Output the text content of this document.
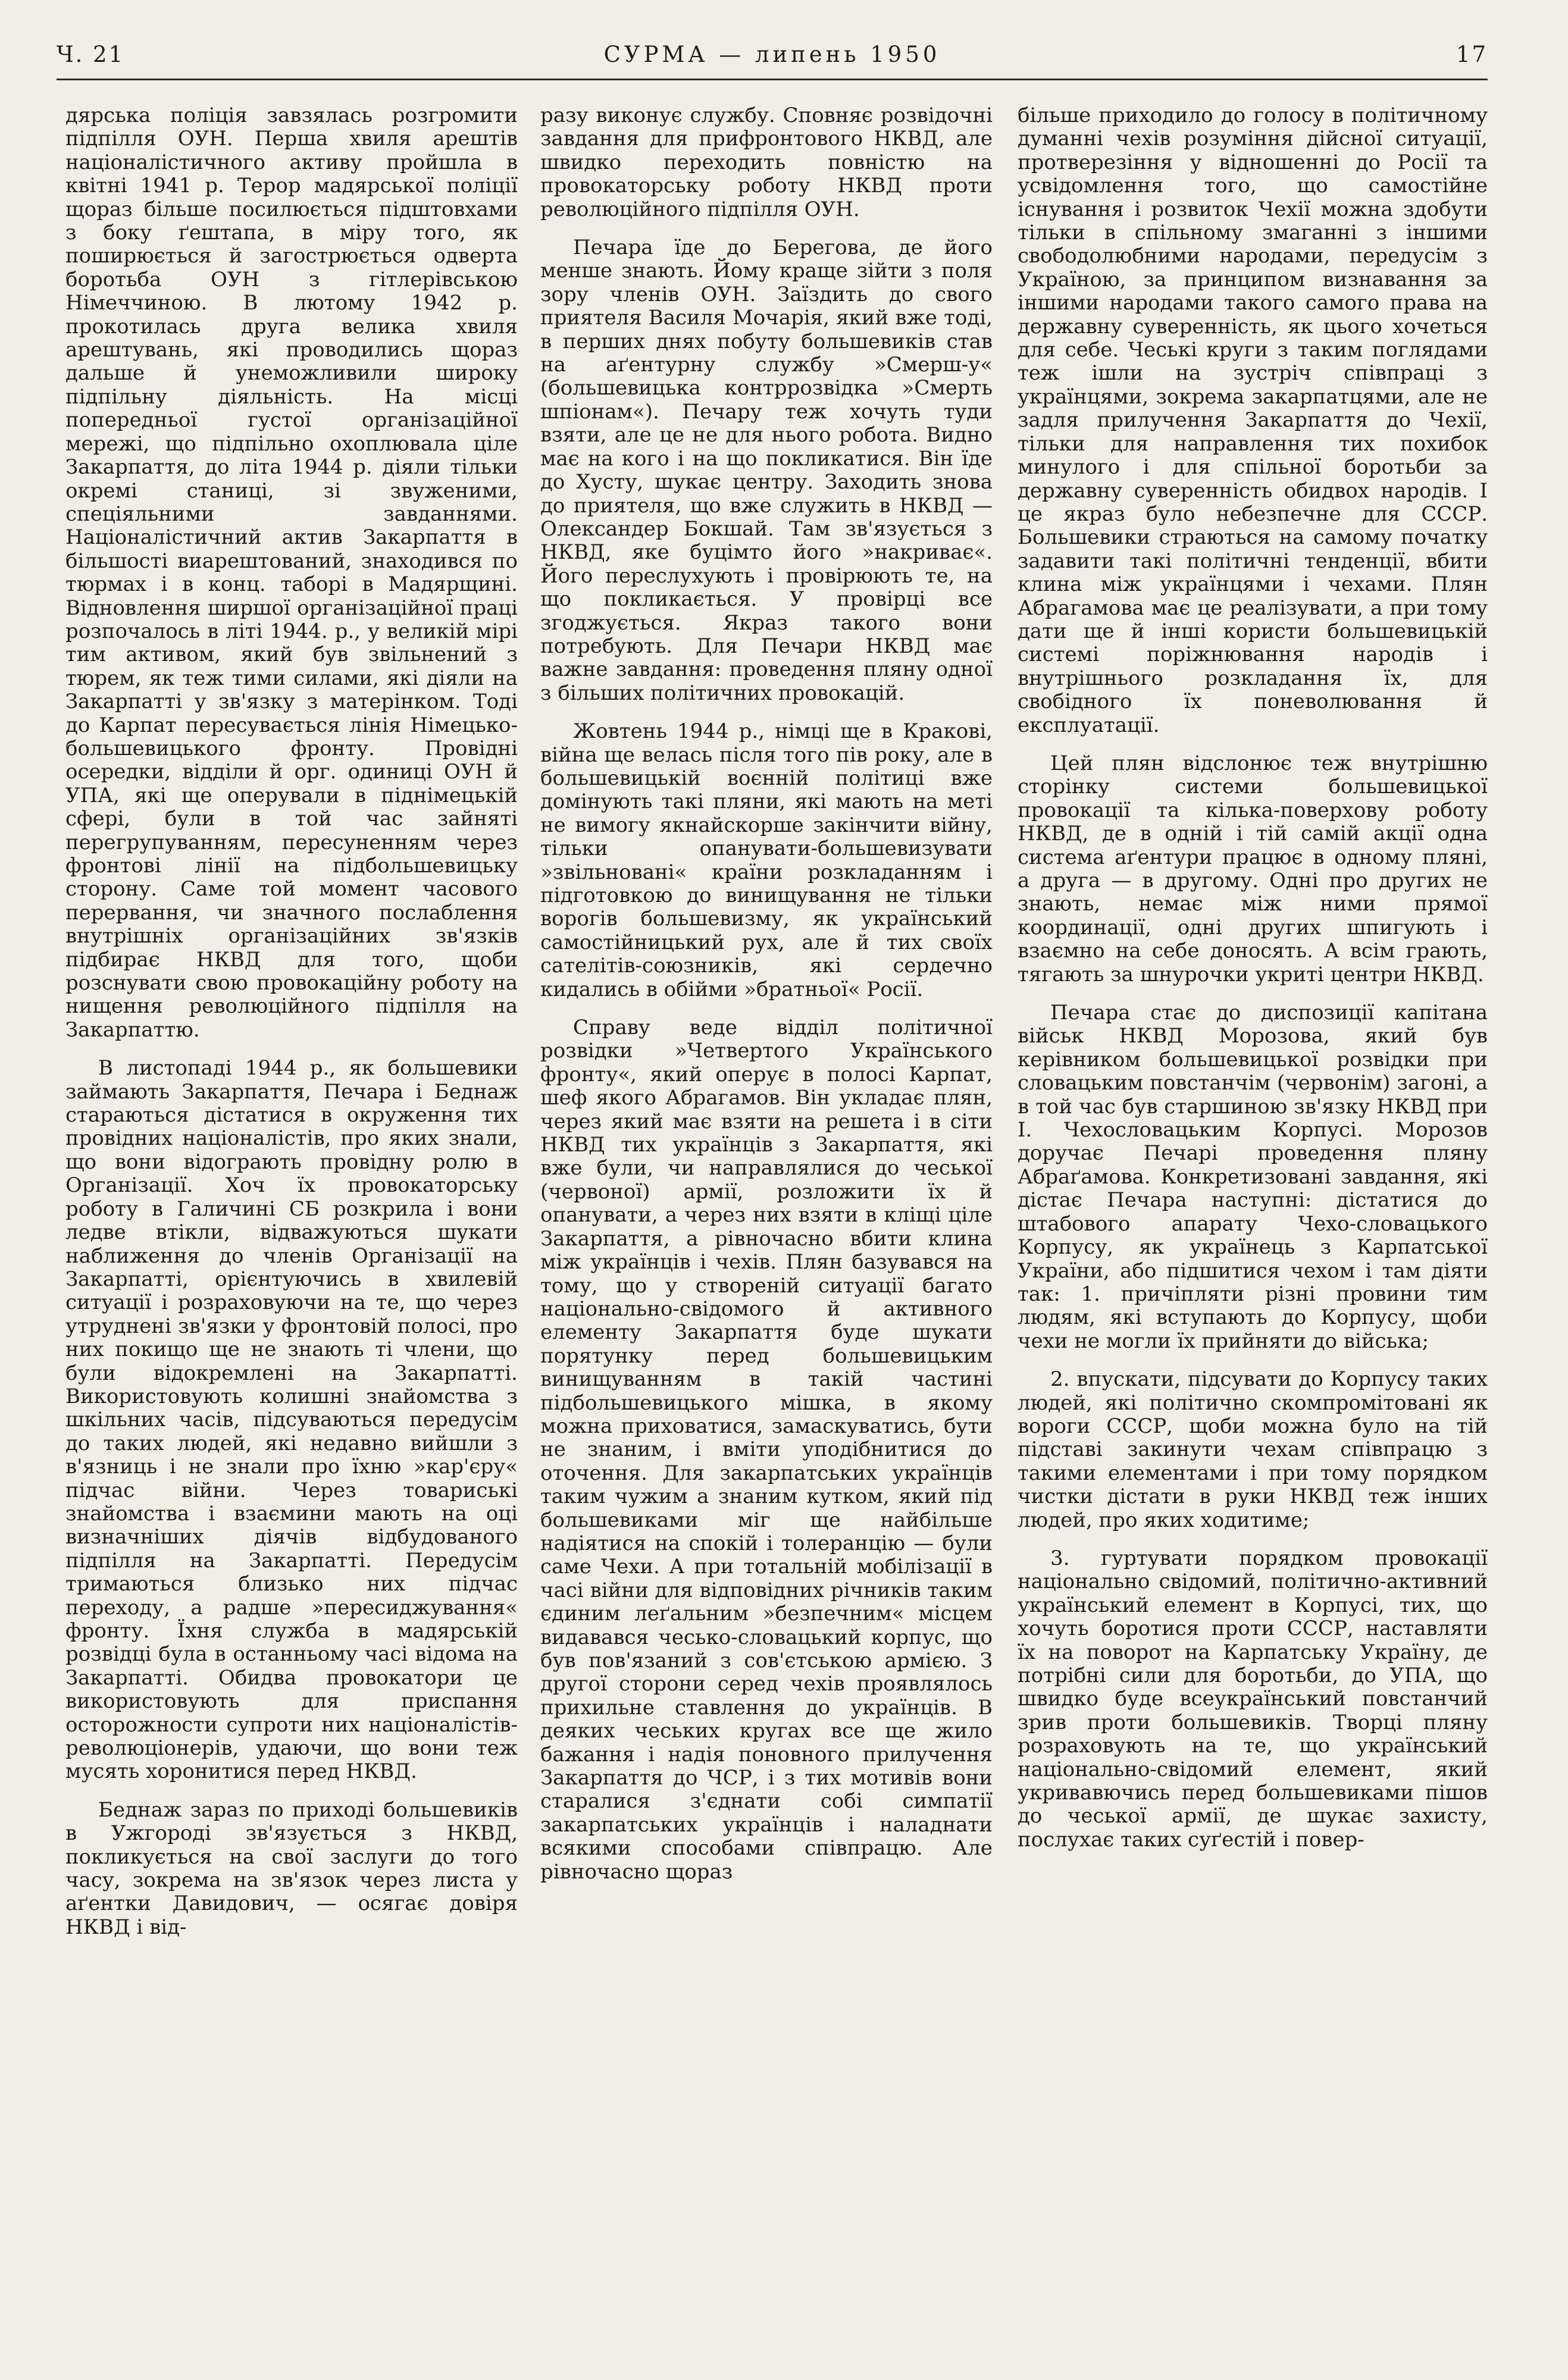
Ч. 21	СУРМА — липень 1950	17

дярська поліція завзялась розгромити підпілля ОУН. Перша хвиля арештів націоналістичного активу пройшла в квітні 1941 р. Терор мадярської поліції щораз більше посилюється підштовхами з боку ґештапа, в міру того, як поширюється й загострюється одверта боротьба ОУН з гітлерівською Німеччиною. В лютому 1942 р. прокотилась друга велика хвиля арештувань, які проводились щораз дальше й унеможливили широку підпільну діяльність. На місці попередньої густої організаційної мережі, що підпільно охоплювала ціле Закарпаття, до літа 1944 р. діяли тільки окремі станиці, зі звуженими, спеціяльними завданнями. Націоналістичний актив Закарпаття в більшості виарештований, знаходився по тюрмах і в конц. таборі в Мадярщині. Відновлення ширшої організаційної праці розпочалось в літі 1944. р., у великій мірі тим активом, який був звільнений з тюрем, як теж тими силами, які діяли на Закарпатті у зв'язку з матерінком. Тоді до Карпат пересувається лінія Німецько-большевицького фронту. Провідні осередки, відділи й орг. одиниці ОУН й УПА, які ще оперували в піднімецькій сфері, були в той час зайняті перегрупуванням, пересуненням через фронтові лінії на підбольшевицьку сторону. Саме той момент часового перервання, чи значного послаблення внутрішніх організаційних зв'язків підбирає НКВД для того, щоби розснувати свою провокаційну роботу на нищення революційного підпілля на Закарпаттю.

В листопаді 1944 р., як большевики займають Закарпаття, Печара і Беднаж стараються дістатися в окруження тих провідних націоналістів, про яких знали, що вони відограють провідну ролю в Організації. Хоч їх провокаторську роботу в Галичині СБ розкрила і вони ледве втікли, відважуються шукати наближення до членів Організації на Закарпатті, орієнтуючись в хвилевій ситуації і розраховуючи на те, що через утруднені зв'язки у фронтовій полосі, про них покищо ще не знають ті члени, що були відокремлені на Закарпатті. Використовують колишні знайомства з шкільних часів, підсуваються передусім до таких людей, які недавно вийшли з в'язниць і не знали про їхню »кар'єру« підчас війни. Через товариські знайомства і взаємини мають на оці визначніших діячів відбудованого підпілля на Закарпатті. Передусім тримаються близько них підчас переходу, а радше »пересиджування« фронту. Їхня служба в мадярській розвідці була в останньому часі відома на Закарпатті. Обидва провокатори це використовують для приспання осторожности супроти них націоналістів-революціонерів, удаючи, що вони теж мусять хоронитися перед НКВД.

Беднаж зараз по приході большевиків в Ужгороді зв'язується з НКВД, покликується на свої заслуги до того часу, зокрема на зв'язок через листа у аґентки Давидович, — осягає довіря НКВД і від-

разу виконує службу. Сповняє розвідочні завдання для прифронтового НКВД, але швидко переходить повністю на провокаторську роботу НКВД проти революційного підпілля ОУН.

Печара їде до Берегова, де його менше знають. Йому краще зійти з поля зору членів ОУН. Заїздить до свого приятеля Василя Мочарія, який вже тоді, в перших днях побуту большевиків став на аґентурну службу »Смерш-у« (большевицька контррозвідка »Смерть шпіонам«). Печару теж хочуть туди взяти, але це не для нього робота. Видно має на кого і на що покликатися. Він їде до Хусту, шукає центру. Заходить знова до приятеля, що вже служить в НКВД — Олександер Бокшай. Там зв'язується з НКВД, яке буцімто його »накриває«. Його переслухують і провірюють те, на що покликається. У провірці все згоджується. Якраз такого вони потребують. Для Печари НКВД має важне завдання: проведення пляну одної з більших політичних провокацій.

Жовтень 1944 р., німці ще в Кракові, війна ще велась після того пів року, але в большевицькій воєнній політиці вже домінують такі пляни, які мають на меті не вимогу якнайскорше закінчити війну, тільки опанувати-большевизувати »звільновані« країни розкладанням і підготовкою до винищування не тільки ворогів большевизму, як український самостійницький рух, але й тих своїх сателітів-союзників, які сердечно кидались в обійми »братньої« Росії.

Справу веде відділ політичної розвідки »Четвертого Українського фронту«, який оперує в полосі Карпат, шеф якого Абрагамов. Він укладає плян, через який має взяти на решета і в сіти НКВД тих українців з Закарпаття, які вже були, чи направлялися до чеської (червоної) армії, розложити їх й опанувати, а через них взяти в кліщі ціле Закарпаття, а рівночасно вбити клина між українців і чехів. Плян базувався на тому, що у створеній ситуації багато національно-свідомого й активного елементу Закарпаття буде шукати порятунку перед большевицьким винищуванням в такій частині підбольшевицького мішка, в якому можна приховатися, замаскуватись, бути не знаним, і вміти уподібнитися до оточення. Для закарпатських українців таким чужим а знаним кутком, який під большевиками міг ще найбільше надіятися на спокій і толеранцію — були саме Чехи. А при тотальній мобілізації в часі війни для відповідних річників таким єдиним леґальним »безпечним« місцем видавався чесько-словацький корпус, що був пов'язаний з сов'єтською армією. З другої сторони серед чехів проявлялось прихильне ставлення до українців. В деяких чеських кругах все ще жило бажання і надія поновного прилучення Закарпаття до ЧСР, і з тих мотивів вони старалися з'єднати собі симпатії закарпатських українців і наладнати всякими способами співпрацю. Але рівночасно щораз

більше приходило до голосу в політичному думанні чехів розуміння дійсної ситуації, протверезіння у відношенні до Росії та усвідомлення того, що самостійне існування і розвиток Чехії можна здобути тільки в спільному змаганні з іншими свободолюбними народами, передусім з Україною, за принципом визнавання за іншими народами такого самого права на державну суверенність, як цього хочеться для себе. Чеські круги з таким поглядами теж ішли на зустріч співпраці з українцями, зокрема закарпатцями, але не задля прилучення Закарпаття до Чехії, тільки для направлення тих похибок минулого і для спільної боротьби за державну суверенність обидвох народів. І це якраз було небезпечне для СССР. Большевики страються на самому початку задавити такі політичні тенденції, вбити клина між українцями і чехами. Плян Абрагамова має це реалізувати, а при тому дати ще й інші користи большевицькій системі поріжнювання народів і внутрішнього розкладання їх, для свобідного їх поневолювання й експлуатації.

Цей плян відслонює теж внутрішню сторінку системи большевицької провокації та кілька-поверхову роботу НКВД, де в одній і тій самій акції одна система аґентури працює в одному пляні, а друга — в другому. Одні про других не знають, немає між ними прямої координації, одні других шпигують і взаємно на себе доносять. А всім грають, тягають за шнурочки укриті центри НКВД.

Печара стає до диспозиції капітана військ НКВД Морозова, який був керівником большевицької розвідки при словацьким повстанчім (червонім) загоні, а в той час був старшиною зв'язку НКВД при І. Чехословацьким Корпусі. Морозов доручає Печарі проведення пляну Абраґамова. Конкретизовані завдання, які дістає Печара наступні: дістатися до штабового апарату Чехо-словацького Корпусу, як українець з Карпатської України, або підшитися чехом і там діяти так: 1. причіпляти різні провини тим людям, які вступають до Корпусу, щоби чехи не могли їх прийняти до війська;

2. впускати, підсувати до Корпусу таких людей, які політично скомпромітовані як вороги СССР, щоби можна було на тій підставі закинути чехам співпрацю з такими елементами і при тому порядком чистки дістати в руки НКВД теж інших людей, про яких ходитиме;

3. гуртувати порядком провокації національно свідомий, політично-активний український елемент в Корпусі, тих, що хочуть боротися проти СССР, наставляти їх на поворот на Карпатську Україну, де потрібні сили для боротьби, до УПА, що швидко буде всеукраїнський повстанчий зрив проти большевиків. Творці пляну розраховують на те, що український національно-свідомий елемент, який укривавючись перед большевиками пішов до чеської армії, де шукає захисту, послухає таких суґестій і повер-
